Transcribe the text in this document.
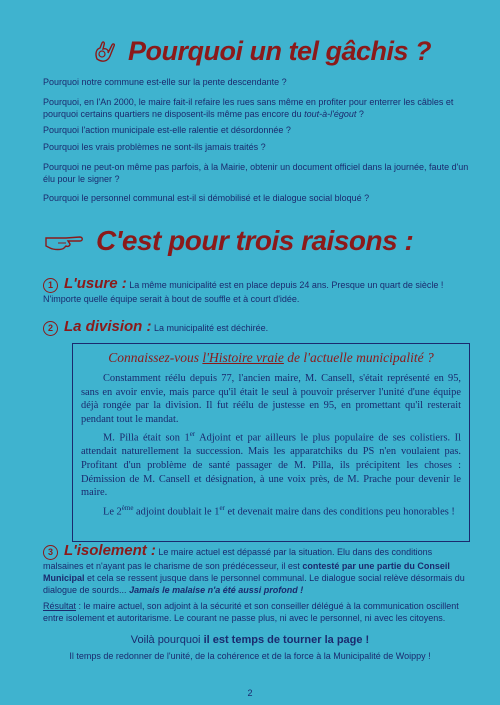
Pourquoi un tel gâchis ?
Pourquoi notre commune est-elle sur la pente descendante ?
Pourquoi, en l'An 2000, le maire fait-il refaire les rues sans même en profiter pour enterrer les câbles et pourquoi certains quartiers ne disposent-ils même pas encore du tout-à-l'égout ?
Pourquoi l'action municipale est-elle ralentie et désordonnée ?
Pourquoi les vrais problèmes ne sont-ils jamais traités ?
Pourquoi ne peut-on même pas parfois, à la Mairie, obtenir un document officiel dans la journée, faute d'un élu pour le signer ?
Pourquoi le personnel communal est-il si démobilisé et le dialogue social bloqué ?
C'est pour trois raisons :
1 L'usure : La même municipalité est en place depuis 24 ans. Presque un quart de siècle ! N'importe quelle équipe serait à bout de souffle et à court d'idée.
2 La division : La municipalité est déchirée.
Connaissez-vous l'Histoire vraie de l'actuelle municipalité ?

Constamment réélu depuis 77, l'ancien maire, M. Cansell, s'était représenté en 95, sans en avoir envie, mais parce qu'il était le seul à pouvoir préserver l'unité d'une équipe déjà rongée par la division. Il fut réélu de justesse en 95, en promettant qu'il resterait pendant tout le mandat.

M. Pilla était son 1er Adjoint et par ailleurs le plus populaire de ses colistiers. Il attendait naturellement la succession. Mais les apparatchiks du PS n'en voulaient pas. Profitant d'un problème de santé passager de M. Pilla, ils précipitent les choses : Démission de M. Cansell et désignation, à une voix près, de M. Prache pour devenir le maire.

Le 2ème adjoint doublait le 1er et devenait maire dans des conditions peu honorables !

3 L'isolement : Le maire actuel est dépassé par la situation. Elu dans des conditions malsaines et n'ayant pas le charisme de son prédécesseur, il est contesté par une partie du Conseil Municipal et cela se ressent jusque dans le personnel communal. Le dialogue social relève désormais du dialogue de sourds... Jamais le malaise n'a été aussi profond !
Résultat : le maire actuel, son adjoint à la sécurité et son conseiller délégué à la communication oscillent entre isolement et autoritarisme. Le courant ne passe plus, ni avec le personnel, ni avec les citoyens.
Voilà pourquoi il est temps de tourner la page !
Il temps de redonner de l'unité, de la cohérence et de la force à la Municipalité de Woippy !
2
